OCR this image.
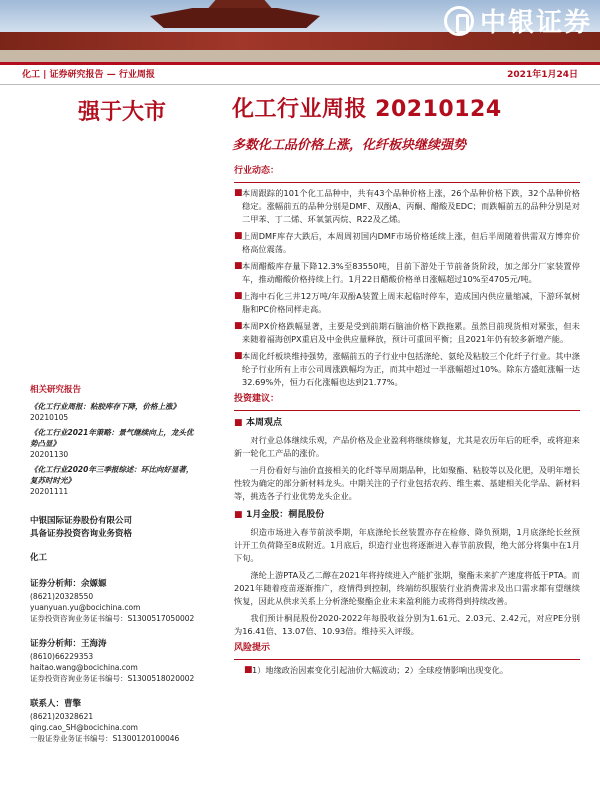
中银证券
化工 | 证券研究报告 — 行业周报	2021年1月24日
强于大市	化工行业周报 20210124
多数化工品价格上涨，化纤板块继续强势
相关研究报告

《化工行业周报：粘胶库存下降，价格上涨》
20210105

《化工行业2021年策略：景气继续向上，龙头优势凸显》
20201130

《化工行业2020年三季报综述：环比向好显著，复苏时时光》
20201111

中银国际证券股份有限公司
具备证券投资咨询业务资格
化工
证券分析师：余嫄嫄
(8621)20328550
yuanyuan.yu@bocichina.com
证券投资咨询业务证书编号：S1300517050002
证券分析师：王海涛
(8610)66229353
haitao.wang@bocichina.com
证券投资咨询业务证书编号：S1300518020002
联系人：曹擎
(8621)20328621
qing.cao_SH@bocichina.com
一般证券业务证书编号：S1300120100046
行业动态：
■ 本周跟踪的101个化工品种中，共有43个品种价格上涨，26个品种价格下跌，32个品种价格稳定。涨幅前五的品种分别是DMF、双酚A、丙酮、醋酸及EDC；而跌幅前五的品种分别是对二甲苯、丁二烯、环氧氯丙烷、R22及乙烯。
■ 上周DMF库存大跌后，本周周初国内DMF市场价格延续上涨，但后半周随着供需双方博弈价格高位震荡。
■ 本周醋酸库存量下降12.3%至83550吨，目前下游处于节前备货阶段，加之部分厂家装置停车，推动醋酸价格持续上行。1月22日醋酸价格单日涨幅超过10%至4705元/吨。
■ 上海中石化三井12万吨/年双酚A装置上周末起临时停车，造成国内供应量缩减，下游环氧树脂和PC价格同样走高。
■ 本周PX价格跌幅显著，主要是受到前期石脑油价格下跌拖累。虽然目前现货相对紧张，但未来随着福海创PX重启及中金供应量释放，预计可重回平衡；且2021年仍有较多新增产能。
■ 本周化纤板块维持强势，涨幅前五的子行业中包括涤纶、氨纶及粘胶三个化纤子行业。其中涤纶子行业所有上市公司周涨跌幅均为正，而其中超过一半涨幅超过10%。除东方盛虹涨幅一达32.69%外，恒力石化涨幅也达到21.77%。
投资建议：
■ 本周观点
对行业总体继续乐观，产品价格及企业盈利将继续修复，尤其是农历年后的旺季，或将迎来新一轮化工产品的涨价。
一月份看好与油价直接相关的化纤等早周期品种，比如聚酯、粘胶等以及化肥，及明年增长性较为确定的部分新材料龙头。中期关注的子行业包括农药、维生素、基建相关化学品、新材料等，挑选各子行业优势龙头企业。
■ 1月金股：桐昆股份
织造市场进入春节前淡季期，年底涤纶长丝装置亦存在检修、降负预期，1月底涤纶长丝预计开工负荷降至8成附近。1月底后，织造行业也将逐渐进入春节前放假，绝大部分将集中在1月下旬。
涤纶上游PTA及乙二醇在2021年将持续进入产能扩张期，聚酯未来扩产速度将低于PTA。而2021年随着疫苗逐渐推广，疫情得到控制，终端纺织服装行业消费需求及出口需求都有望继续恢复，因此从供求关系上分析涤纶聚酯企业未来盈利能力或将得到持续改善。
我们预计桐昆股份2020-2022年每股收益分别为1.61元、2.03元、2.42元，对应PE分别为16.41倍、13.07倍、10.93倍。维持买入评级。
风险提示
■ 1）地缘政治因素变化引起油价大幅波动；2）全球疫情影响出现变化。
